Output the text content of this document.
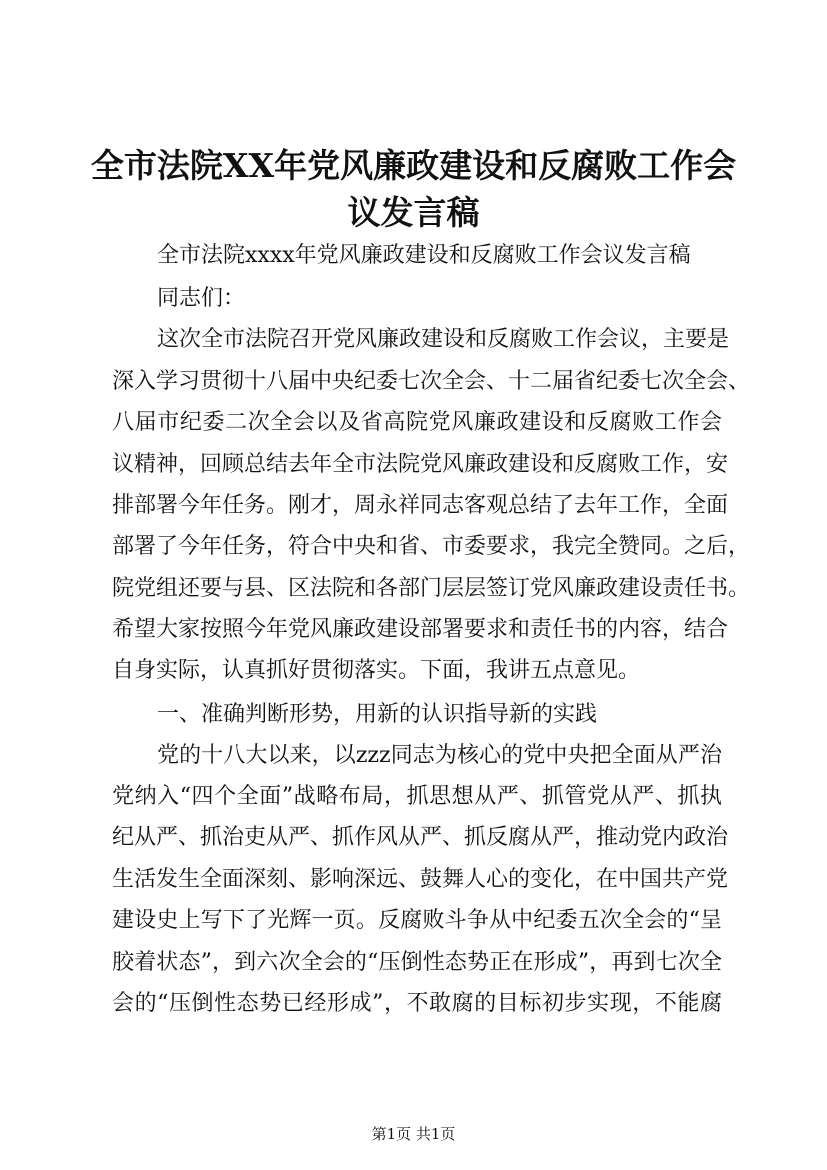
全市法院XX年党风廉政建设和反腐败工作会
议发言稿
全市法院xxxx年党风廉政建设和反腐败工作会议发言稿
同志们：
这次全市法院召开党风廉政建设和反腐败工作会议，主要是
深入学习贯彻十八届中央纪委七次全会、十二届省纪委七次全会、
八届市纪委二次全会以及省高院党风廉政建设和反腐败工作会
议精神，回顾总结去年全市法院党风廉政建设和反腐败工作，安
排部署今年任务。刚才，周永祥同志客观总结了去年工作，全面
部署了今年任务，符合中央和省、市委要求，我完全赞同。之后，
院党组还要与县、区法院和各部门层层签订党风廉政建设责任书。
希望大家按照今年党风廉政建设部署要求和责任书的内容，结合
自身实际，认真抓好贯彻落实。下面，我讲五点意见。
一、准确判断形势，用新的认识指导新的实践
党的十八大以来，以zzz同志为核心的党中央把全面从严治
党纳入“四个全面”战略布局，抓思想从严、抓管党从严、抓执
纪从严、抓治吏从严、抓作风从严、抓反腐从严，推动党内政治
生活发生全面深刻、影响深远、鼓舞人心的变化，在中国共产党
建设史上写下了光辉一页。反腐败斗争从中纪委五次全会的“呈
胶着状态”，到六次全会的“压倒性态势正在形成”，再到七次全
会的“压倒性态势已经形成”，不敢腐的目标初步实现，不能腐
第1页 共1页
